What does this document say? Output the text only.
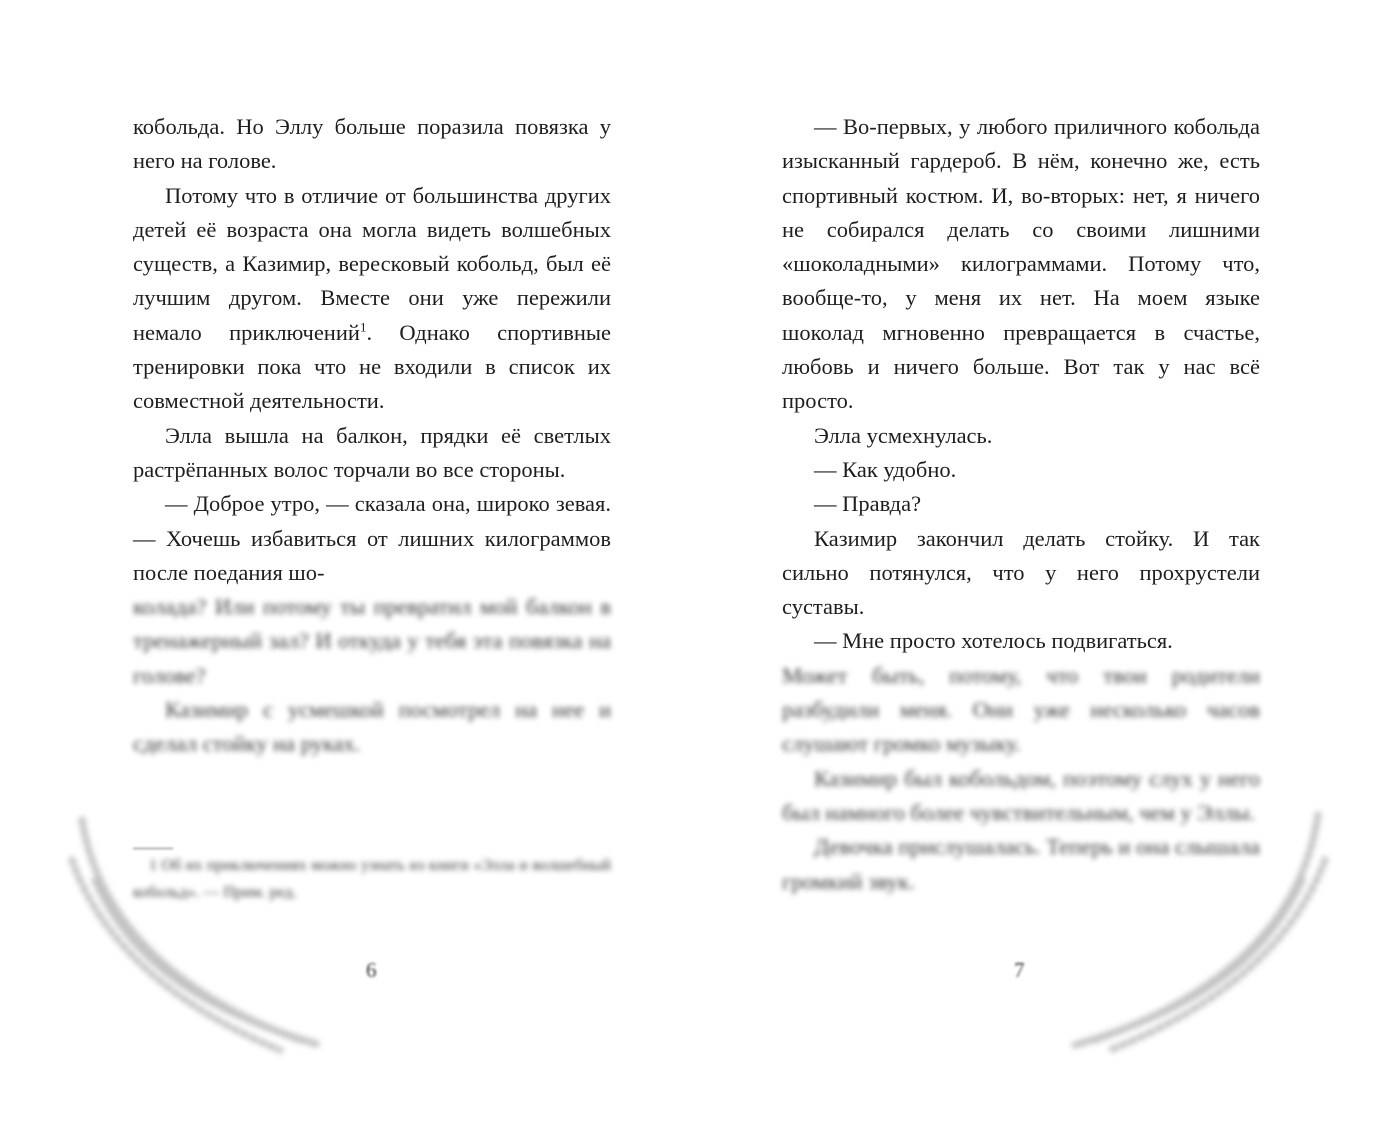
кобольда. Но Эллу больше поразила повязка у него на голове.

Потому что в отличие от большинства других детей её возраста она могла видеть волшебных существ, а Казимир, вересковый кобольд, был её лучшим другом. Вместе они уже пережили немало приключений$^1$. Однако спортивные тренировки пока что не входили в список их совместной деятельности.

Элла вышла на балкон, прядки её светлых растрёпанных волос торчали во все стороны.

— Доброе утро, — сказала она, широко зевая. — Хочешь избавиться от лишних килограммов после поедания шо-

колада? Или потому ты превратил мой балкон в тренажерный зал? И откуда у тебя эта повязка на голове?

Казимир с усмешкой посмотрел на нее и сделал стойку на руках.

1 Об их приключениях можно узнать из книги «Элла и волшебный кобольд». — Прим. ред.
6

— Во-первых, у любого приличного кобольда изысканный гардероб. В нём, конечно же, есть спортивный костюм. И, во-вторых: нет, я ничего не собирался делать со своими лишними «шоколадными» килограммами. Потому что, вообще-то, у меня их нет. На моем языке шоколад мгновенно превращается в счастье, любовь и ничего больше. Вот так у нас всё просто.

Элла усмехнулась.

— Как удобно.

— Правда?

Казимир закончил делать стойку. И так сильно потянулся, что у него прохрустели суставы.

— Мне просто хотелось подвигаться.

Может быть, потому, что твои родители разбудили меня. Они уже несколько часов слушают громко музыку.

Казимир был кобольдом, поэтому слух у него был намного более чувствительным, чем у Эллы.

Девочка прислушалась. Теперь и она слышала громкий звук.

7
